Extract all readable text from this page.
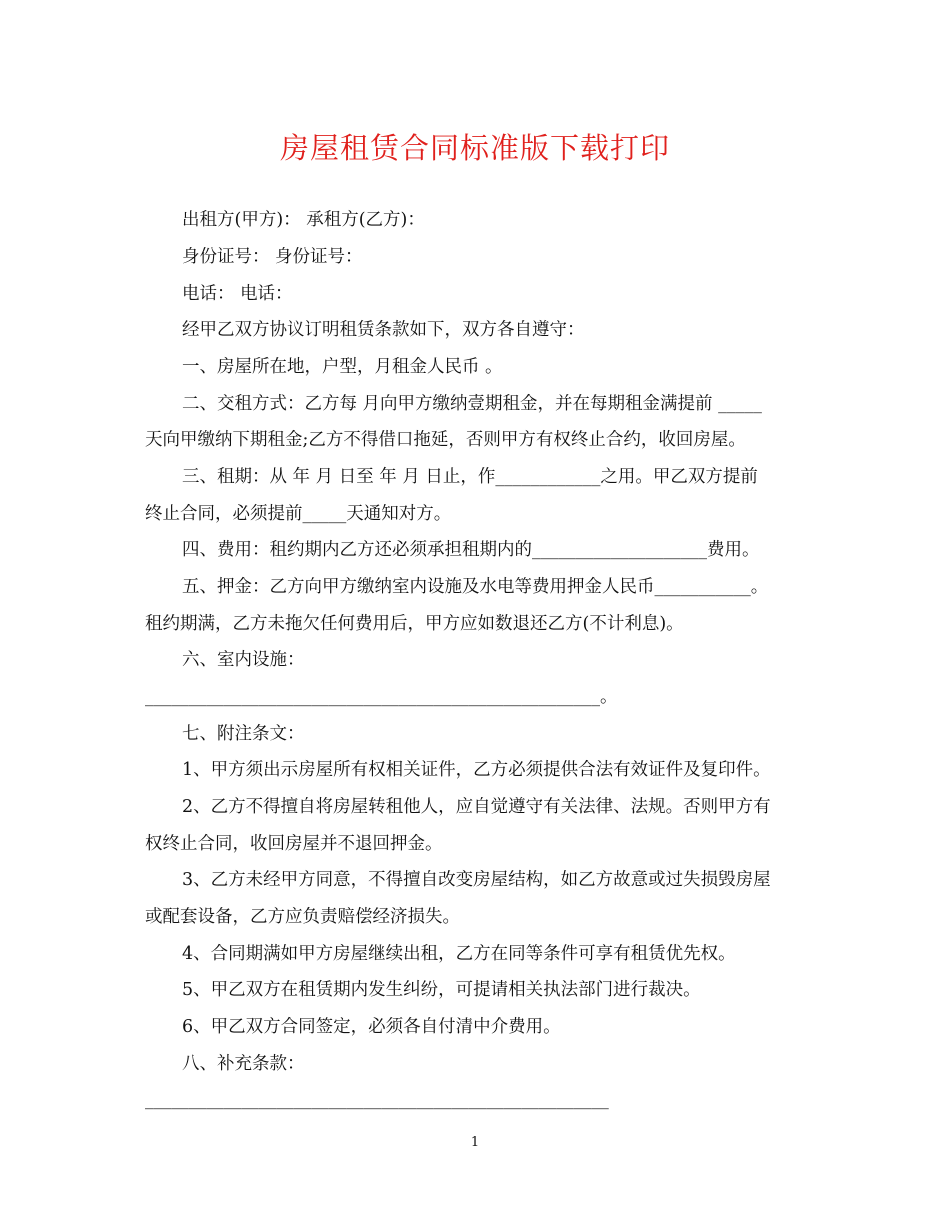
房屋租赁合同标准版下载打印
出租方(甲方)： 承租方(乙方)：
身份证号： 身份证号：
电话： 电话：
经甲乙双方协议订明租赁条款如下，双方各自遵守：
一、房屋所在地，户型，月租金人民币 。
二、交租方式：乙方每 月向甲方缴纳壹期租金，并在每期租金满提前 _____
天向甲缴纳下期租金;乙方不得借口拖延，否则甲方有权终止合约，收回房屋。
三、租期：从 年 月 日至 年 月 日止，作____________之用。甲乙双方提前
终止合同，必须提前_____天通知对方。
四、费用：租约期内乙方还必须承担租期内的____________________费用。
五、押金：乙方向甲方缴纳室内设施及水电等费用押金人民币___________。
租约期满，乙方未拖欠任何费用后，甲方应如数退还乙方(不计利息)。
六、室内设施：
____________________________________________________。
七、附注条文：
1、甲方须出示房屋所有权相关证件，乙方必须提供合法有效证件及复印件。
2、乙方不得擅自将房屋转租他人，应自觉遵守有关法律、法规。否则甲方有
权终止合同，收回房屋并不退回押金。
3、乙方未经甲方同意，不得擅自改变房屋结构，如乙方故意或过失损毁房屋
或配套设备，乙方应负责赔偿经济损失。
4、合同期满如甲方房屋继续出租，乙方在同等条件可享有租赁优先权。
5、甲乙双方在租赁期内发生纠纷，可提请相关执法部门进行裁决。
6、甲乙双方合同签定，必须各自付清中介费用。
八、补充条款：
_____________________________________________________
1
